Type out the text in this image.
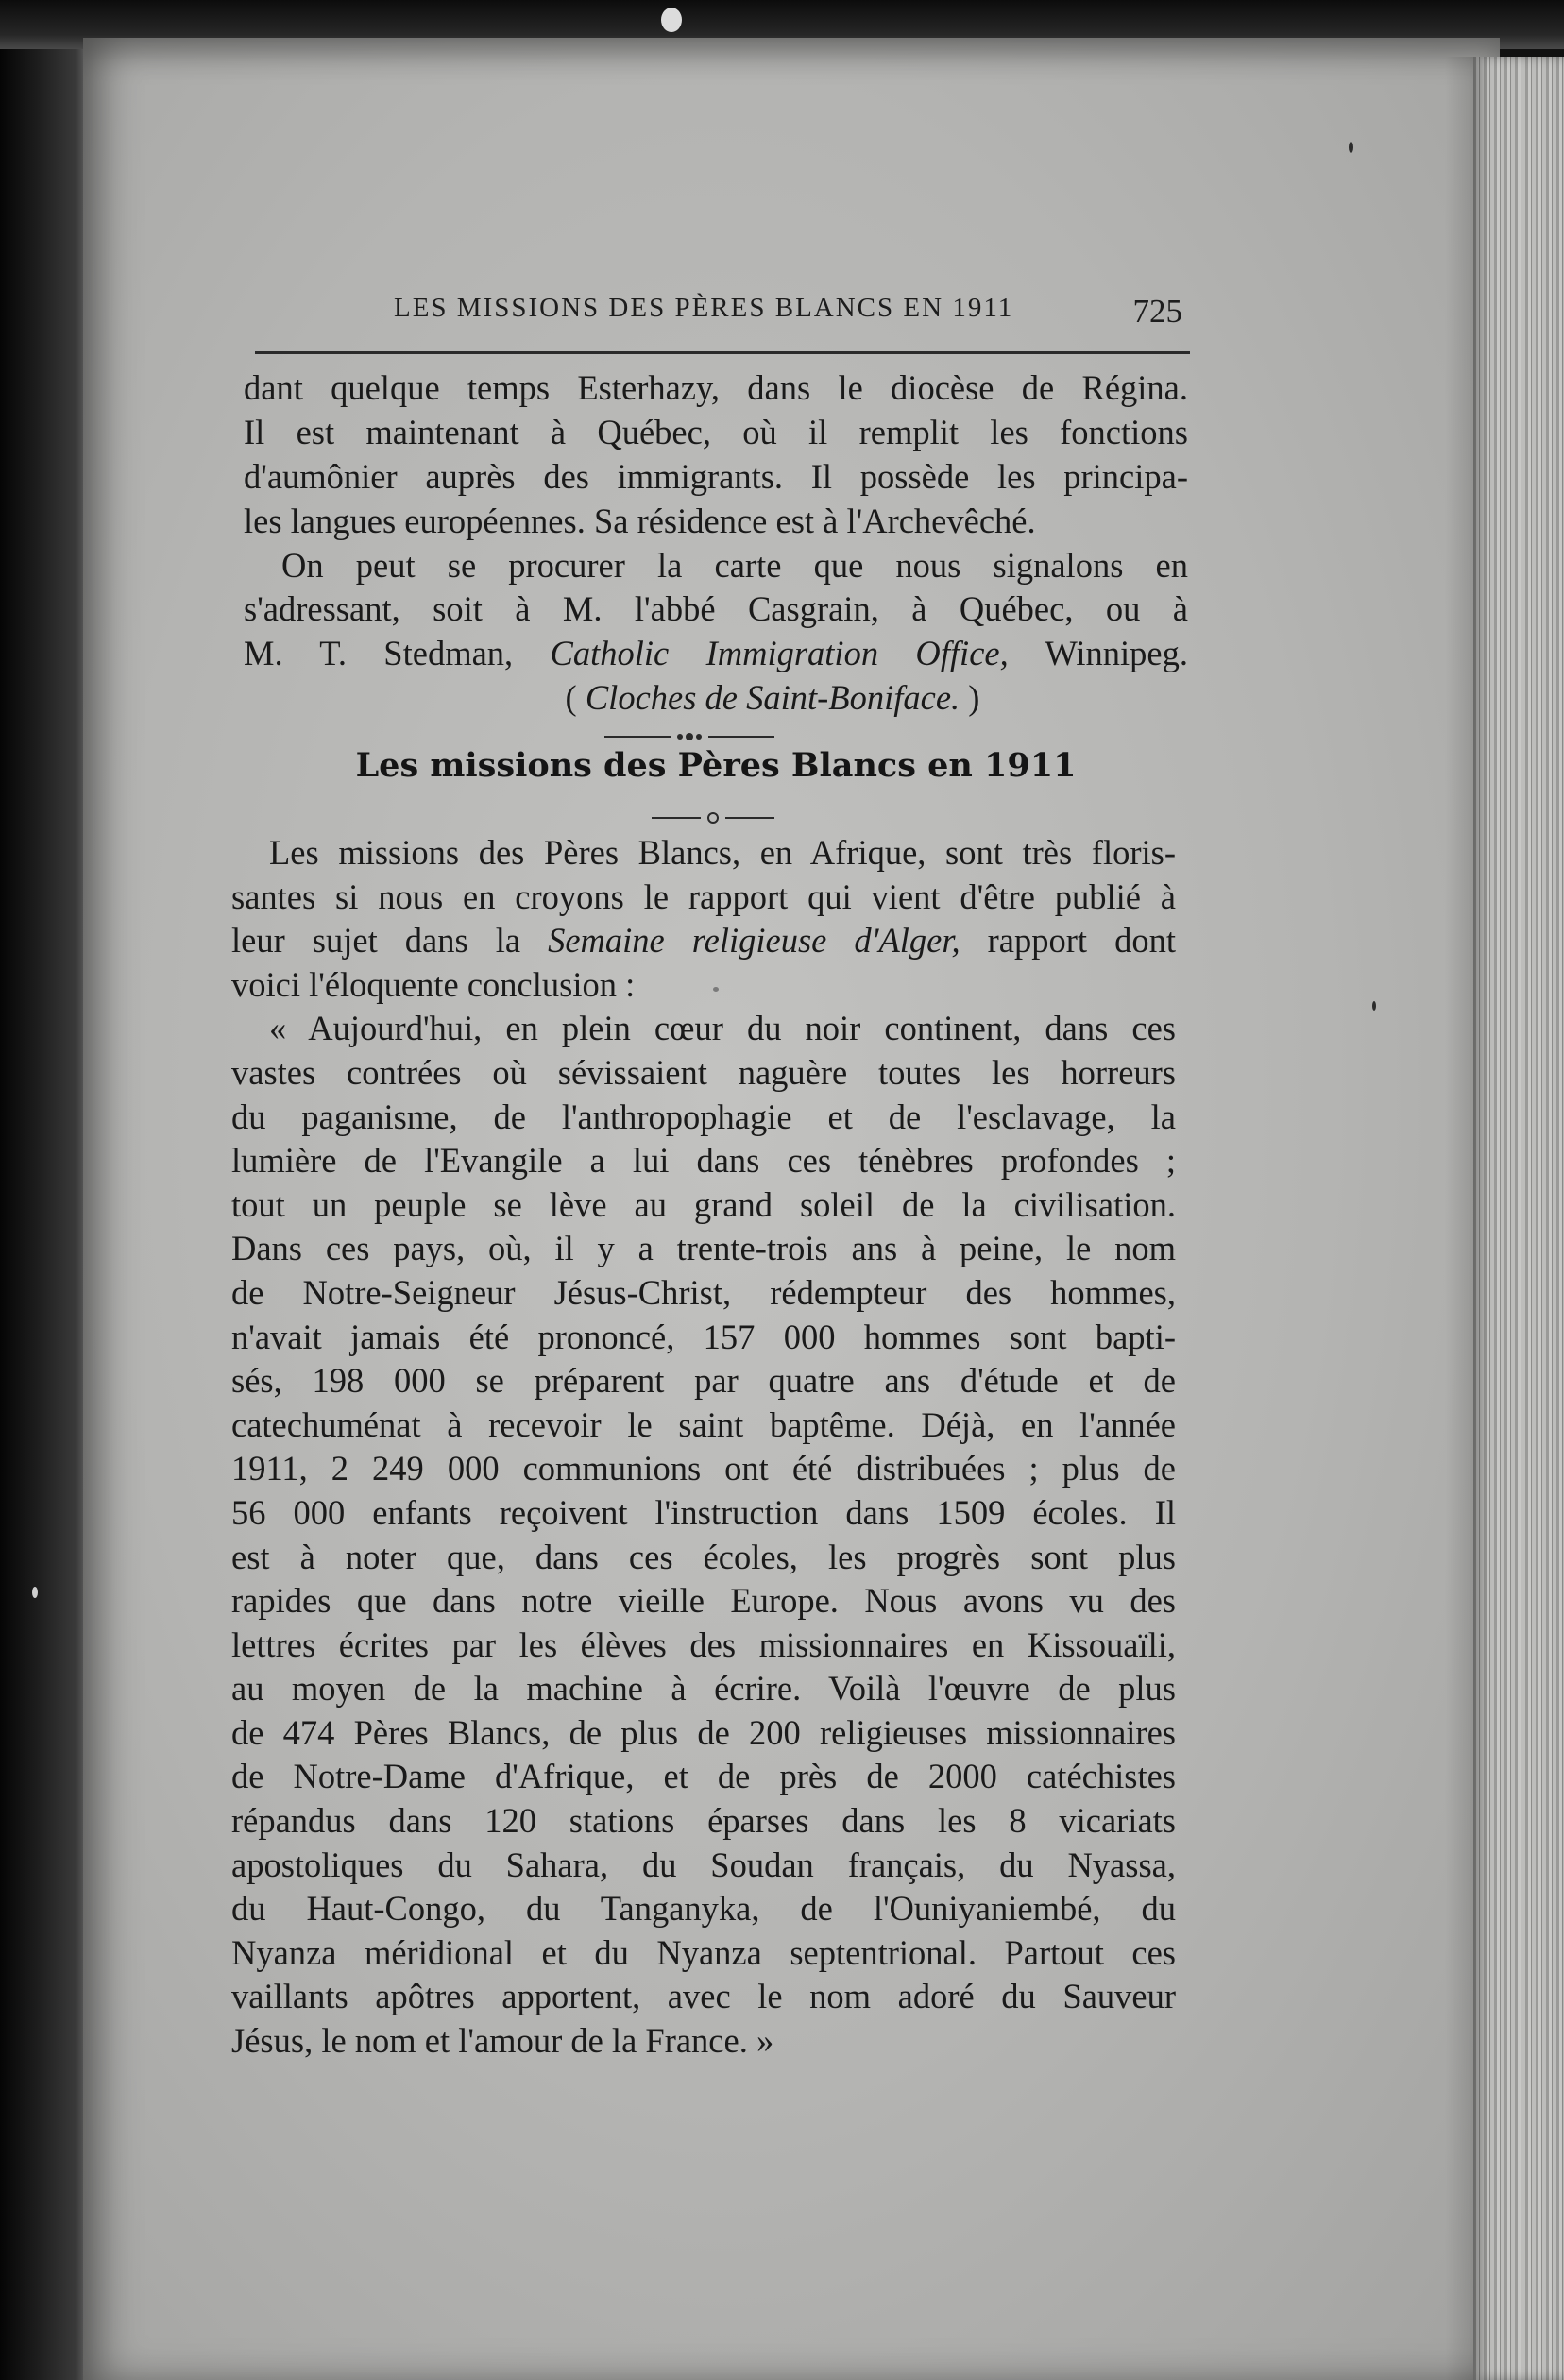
LES MISSIONS DES PÈRES BLANCS EN 1911	725
dant quelque temps Esterhazy, dans le diocèse de Régina.
Il est maintenant à Québec, où il remplit les fonctions
d'aumônier auprès des immigrants. Il possède les principa-
les langues européennes. Sa résidence est à l'Archevêché.
On peut se procurer la carte que nous signalons en
s'adressant, soit à M. l'abbé Casgrain, à Québec, ou à
M. T. Stedman, Catholic Immigration Office, Winnipeg.
( Cloches de Saint-Boniface. )
Les missions des Pères Blancs en 1911
Les missions des Pères Blancs, en Afrique, sont très floris-
santes si nous en croyons le rapport qui vient d'être publié à
leur sujet dans la Semaine religieuse d'Alger, rapport dont
voici l'éloquente conclusion :
« Aujourd'hui, en plein cœur du noir continent, dans ces
vastes contrées où sévissaient naguère toutes les horreurs
du paganisme, de l'anthropophagie et de l'esclavage, la
lumière de l'Evangile a lui dans ces ténèbres profondes ;
tout un peuple se lève au grand soleil de la civilisation.
Dans ces pays, où, il y a trente-trois ans à peine, le nom
de Notre-Seigneur Jésus-Christ, rédempteur des hommes,
n'avait jamais été prononcé, 157 000 hommes sont bapti-
sés, 198 000 se préparent par quatre ans d'étude et de
catechuménat à recevoir le saint baptême. Déjà, en l'année
1911, 2 249 000 communions ont été distribuées ; plus de
56 000 enfants reçoivent l'instruction dans 1509 écoles. Il
est à noter que, dans ces écoles, les progrès sont plus
rapides que dans notre vieille Europe. Nous avons vu des
lettres écrites par les élèves des missionnaires en Kissouaïli,
au moyen de la machine à écrire. Voilà l'œuvre de plus
de 474 Pères Blancs, de plus de 200 religieuses missionnaires
de Notre-Dame d'Afrique, et de près de 2000 catéchistes
répandus dans 120 stations éparses dans les 8 vicariats
apostoliques du Sahara, du Soudan français, du Nyassa,
du Haut-Congo, du Tanganyka, de l'Ouniyaniembé, du
Nyanza méridional et du Nyanza septentrional. Partout ces
vaillants apôtres apportent, avec le nom adoré du Sauveur
Jésus, le nom et l'amour de la France. »
